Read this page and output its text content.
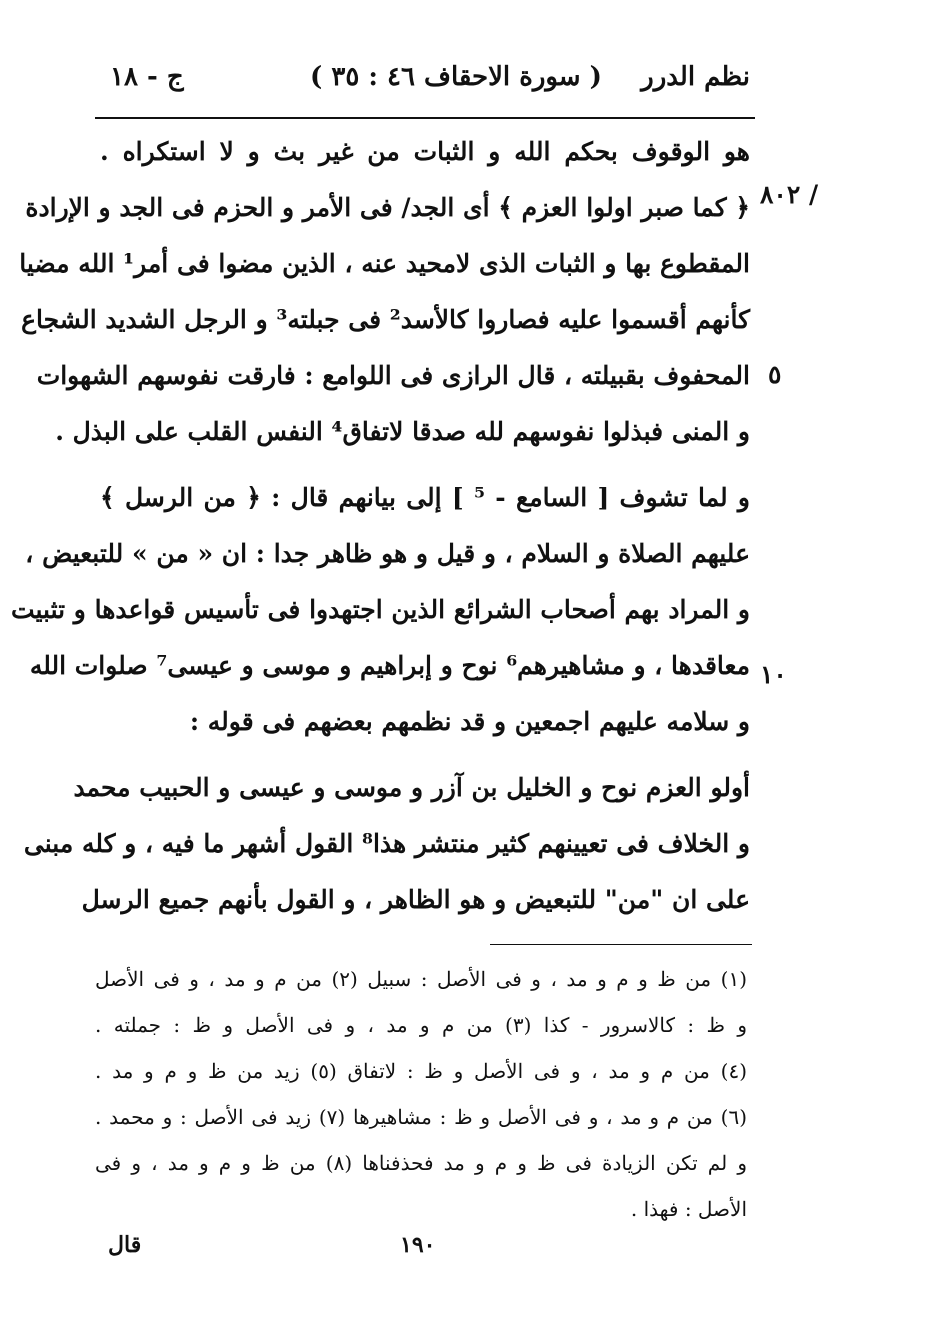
ج - ١٨	( سورة الاحقاف ٤٦ : ٣٥ ) نظم الدرر
٨٠٢ /
٥
١٠
هو الوقوف بحكم الله و الثبات من غير بث و لا استكراه .
﴿ كما صبر اولوا العزم ﴾ أى الجد/ فى الأمر و الحزم فى الجد و الإرادة
المقطوع بها و الثبات الذى لامحيد عنه ، الذين مضوا فى أمر¹ الله مضيا
كأنهم أقسموا عليه فصاروا كالأسد² فى جبلته³ و الرجل الشديد الشجاع
المحفوف بقبيلته ، قال الرازى فى اللوامع : فارقت نفوسهم الشهوات
و المنى فبذلوا نفوسهم لله صدقا لاتفاق⁴ النفس القلب على البذل .
و لما تشوف [ السامع - ⁵ ] إلى بيانهم قال : ﴿ من الرسل ﴾
عليهم الصلاة و السلام ، و قيل و هو ظاهر جدا : ان « من » للتبعيض ،
و المراد بهم أصحاب الشرائع الذين اجتهدوا فى تأسيس قواعدها و تثبيت
معاقدها ، و مشاهيرهم⁶ نوح و إبراهيم و موسى و عيسى⁷ صلوات الله
و سلامه عليهم اجمعين و قد نظمهم بعضهم فى قوله :
أولو العزم نوح و الخليل بن آزر و موسى و عيسى و الحبيب محمد
و الخلاف فى تعيينهم كثير منتشر هذا⁸ القول أشهر ما فيه ، و كله مبنى
على ان "من" للتبعيض و هو الظاهر ، و القول بأنهم جميع الرسل
(١) من ظ و م و مد ، و فى الأصل : سبيل (٢) من م و مد ، و فى الأصل
و ظ : كالاسرور - كذا (٣) من م و مد ، و فى الأصل و ظ : جملته .
(٤) من م و مد ، و فى الأصل و ظ : لاتفاق (٥) زيد من ظ و م و مد .
(٦) من م و مد ، و فى الأصل و ظ : مشاهيرها (٧) زيد فى الأصل : و محمد .
و لم تكن الزيادة فى ظ و م و مد فحذفناها (٨) من ظ و م و مد ، و فى
الأصل : فهذا .
١٩٠
قال
